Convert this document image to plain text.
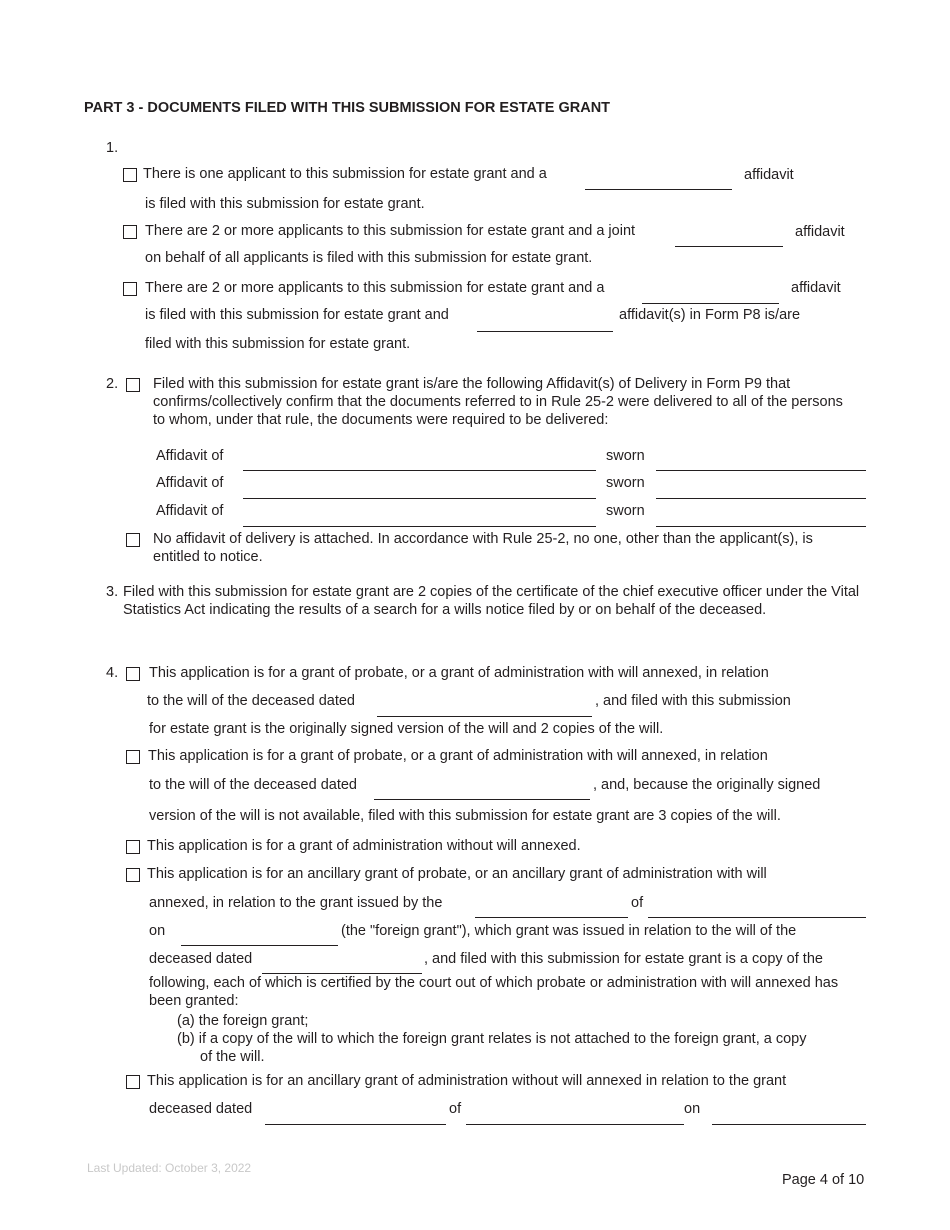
PART 3 - DOCUMENTS FILED WITH THIS SUBMISSION FOR ESTATE GRANT
1.
There is one applicant to this submission for estate grant and a	affidavit
is filed with this submission for estate grant.
There are 2 or more applicants to this submission for estate grant and a joint	affidavit
on behalf of all applicants is filed with this submission for estate grant.
There are 2 or more applicants to this submission for estate grant and a	affidavit
is filed with this submission for estate grant and	affidavit(s) in Form P8 is/are
filed with this submission for estate grant.
2. Filed with this submission for estate grant is/are the following Affidavit(s) of Delivery in Form P9 that confirms/collectively confirm that the documents referred to in Rule 25-2 were delivered to all of the persons to whom, under that rule, the documents were required to be delivered:
Affidavit of	sworn
Affidavit of	sworn
Affidavit of	sworn
No affidavit of delivery is attached. In accordance with Rule 25-2, no one, other than the applicant(s), is entitled to notice.
3. Filed with this submission for estate grant are 2 copies of the certificate of the chief executive officer under the Vital Statistics Act indicating the results of a search for a wills notice filed by or on behalf of the deceased.
4. This application is for a grant of probate, or a grant of administration with will annexed, in relation
to the will of the deceased dated	, and filed with this submission
for estate grant is the originally signed version of the will and 2 copies of the will.
This application is for a grant of probate, or a grant of administration with will annexed, in relation
to the will of the deceased dated	, and, because the originally signed
version of the will is not available, filed with this submission for estate grant are 3 copies of the will.
This application is for a grant of administration without will annexed.
This application is for an ancillary grant of probate, or an ancillary grant of administration with will
annexed, in relation to the grant issued by the	of
on	(the "foreign grant"), which grant was issued in relation to the will of the
deceased dated	, and filed with this submission for estate grant is a copy of the
following, each of which is certified by the court out of which probate or administration with will annexed has been granted:
(a) the foreign grant;
(b) if a copy of the will to which the foreign grant relates is not attached to the foreign grant, a copy
of the will.
This application is for an ancillary grant of administration without will annexed in relation to the grant
deceased dated	of	on
Last Updated: October 3, 2022
Page 4 of 10
